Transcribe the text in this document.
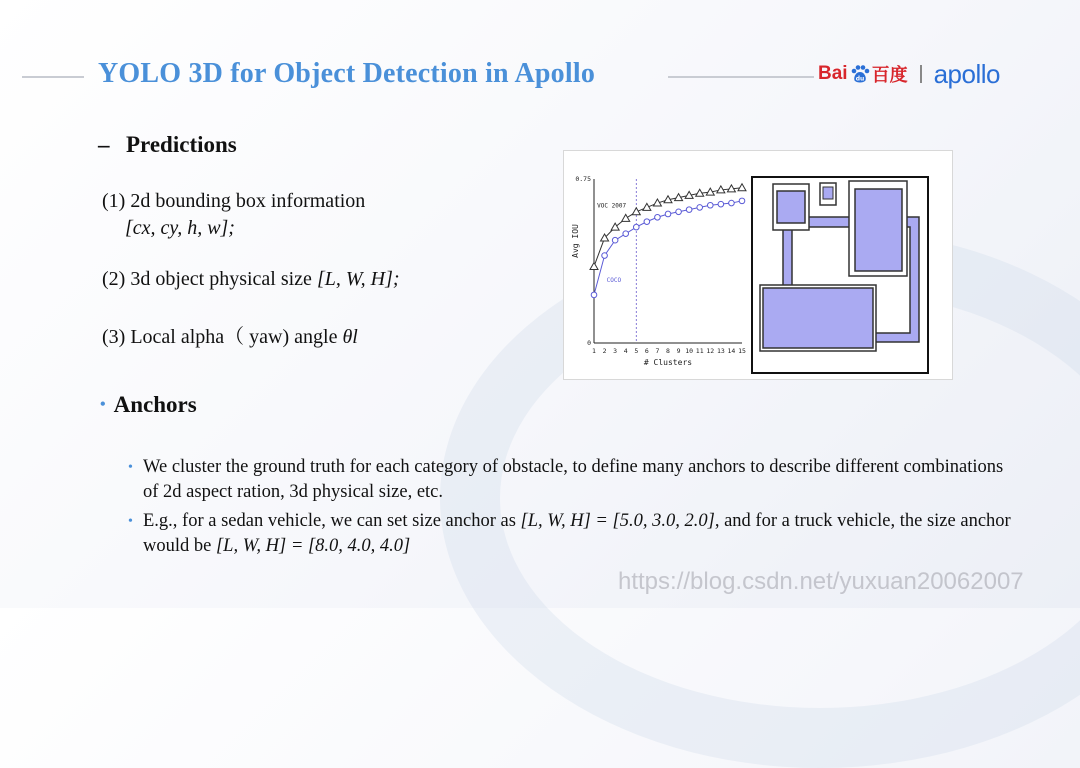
YOLO 3D for Object Detection in Apollo	Bai du 百度 apollo
– Predictions
(1) 2d bounding box information
[cx, cy, h, w];
(2) 3d object physical size [L, W, H];
(3) Local alpha（ yaw) angle θl
1 2 3 4 5 6 7 8 9 10 11 12 13 14 15
0.75
0
# Clusters
Avg IOU
VOC 2007
COCO
• Anchors
• We cluster the ground truth for each category of obstacle, to define many anchors to describe different combinations of 2d aspect ration, 3d physical size, etc.
• E.g., for a sedan vehicle, we can set size anchor as [L, W, H] = [5.0, 3.0, 2.0], and for a truck vehicle, the size anchor would be [L, W, H] = [8.0, 4.0, 4.0]
https://blog.csdn.net/yuxuan20062007
